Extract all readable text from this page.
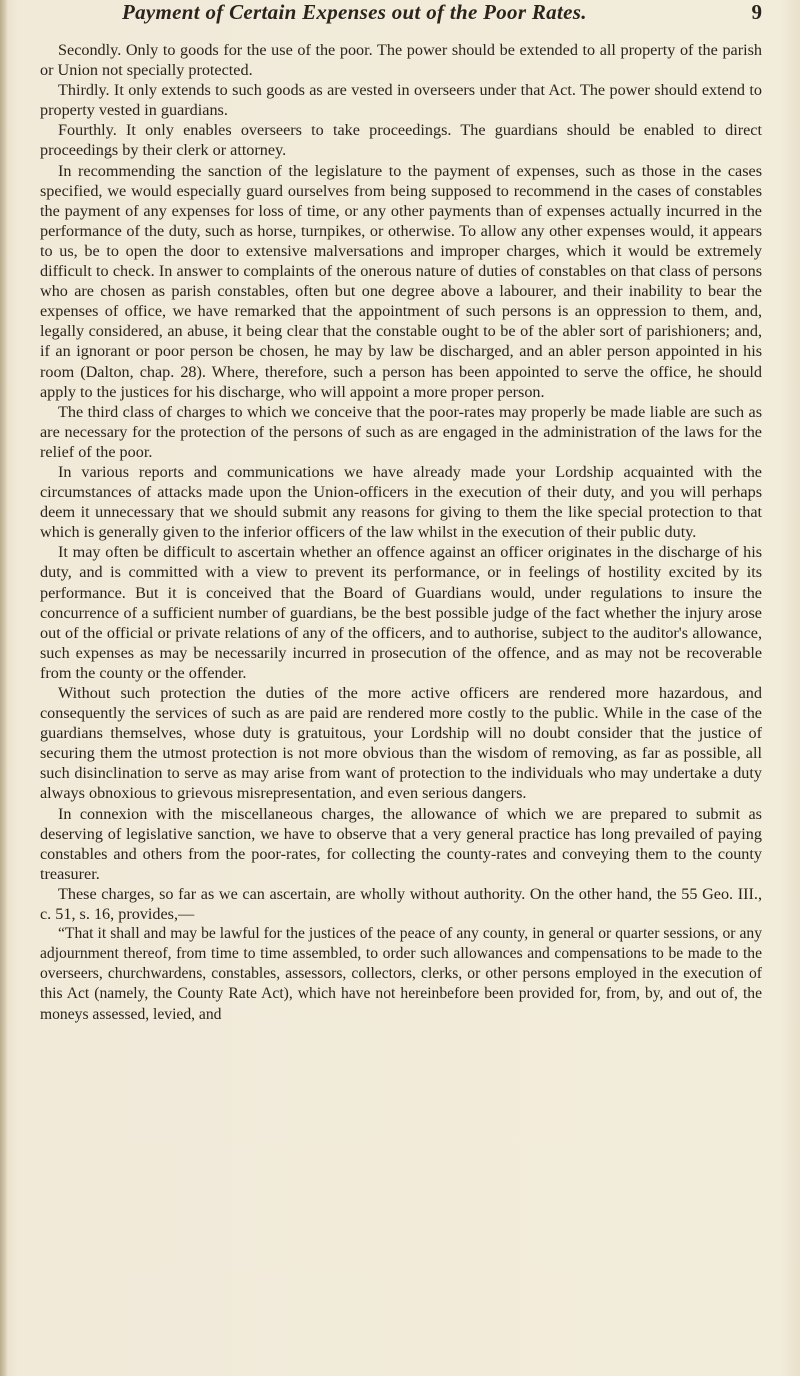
Payment of Certain Expenses out of the Poor Rates.	9

Secondly. Only to goods for the use of the poor. The power should be extended to all property of the parish or Union not specially protected.

Thirdly. It only extends to such goods as are vested in overseers under that Act. The power should extend to property vested in guardians.

Fourthly. It only enables overseers to take proceedings. The guardians should be enabled to direct proceedings by their clerk or attorney.

In recommending the sanction of the legislature to the payment of expenses, such as those in the cases specified, we would especially guard ourselves from being supposed to recommend in the cases of constables the payment of any expenses for loss of time, or any other payments than of expenses actually incurred in the performance of the duty, such as horse, turnpikes, or otherwise. To allow any other expenses would, it appears to us, be to open the door to extensive malversations and improper charges, which it would be extremely difficult to check. In answer to complaints of the onerous nature of duties of constables on that class of persons who are chosen as parish constables, often but one degree above a labourer, and their inability to bear the expenses of office, we have remarked that the appointment of such persons is an oppression to them, and, legally considered, an abuse, it being clear that the constable ought to be of the abler sort of parishioners; and, if an ignorant or poor person be chosen, he may by law be discharged, and an abler person appointed in his room (Dalton, chap. 28). Where, therefore, such a person has been appointed to serve the office, he should apply to the justices for his discharge, who will appoint a more proper person.

The third class of charges to which we conceive that the poor-rates may properly be made liable are such as are necessary for the protection of the persons of such as are engaged in the administration of the laws for the relief of the poor.

In various reports and communications we have already made your Lordship acquainted with the circumstances of attacks made upon the Union-officers in the execution of their duty, and you will perhaps deem it unnecessary that we should submit any reasons for giving to them the like special protection to that which is generally given to the inferior officers of the law whilst in the execution of their public duty.

It may often be difficult to ascertain whether an offence against an officer originates in the discharge of his duty, and is committed with a view to prevent its performance, or in feelings of hostility excited by its performance. But it is conceived that the Board of Guardians would, under regulations to insure the concurrence of a sufficient number of guardians, be the best possible judge of the fact whether the injury arose out of the official or private relations of any of the officers, and to authorise, subject to the auditor's allowance, such expenses as may be necessarily incurred in prosecution of the offence, and as may not be recoverable from the county or the offender.

Without such protection the duties of the more active officers are rendered more hazardous, and consequently the services of such as are paid are rendered more costly to the public. While in the case of the guardians themselves, whose duty is gratuitous, your Lordship will no doubt consider that the justice of securing them the utmost protection is not more obvious than the wisdom of removing, as far as possible, all such disinclination to serve as may arise from want of protection to the individuals who may undertake a duty always obnoxious to grievous misrepresentation, and even serious dangers.

In connexion with the miscellaneous charges, the allowance of which we are prepared to submit as deserving of legislative sanction, we have to observe that a very general practice has long prevailed of paying constables and others from the poor-rates, for collecting the county-rates and conveying them to the county treasurer.

These charges, so far as we can ascertain, are wholly without authority. On the other hand, the 55 Geo. III., c. 51, s. 16, provides,—

“That it shall and may be lawful for the justices of the peace of any county, in general or quarter sessions, or any adjournment thereof, from time to time assembled, to order such allowances and compensations to be made to the overseers, churchwardens, constables, assessors, collectors, clerks, or other persons employed in the execution of this Act (namely, the County Rate Act), which have not hereinbefore been provided for, from, by, and out of, the moneys assessed, levied, and
